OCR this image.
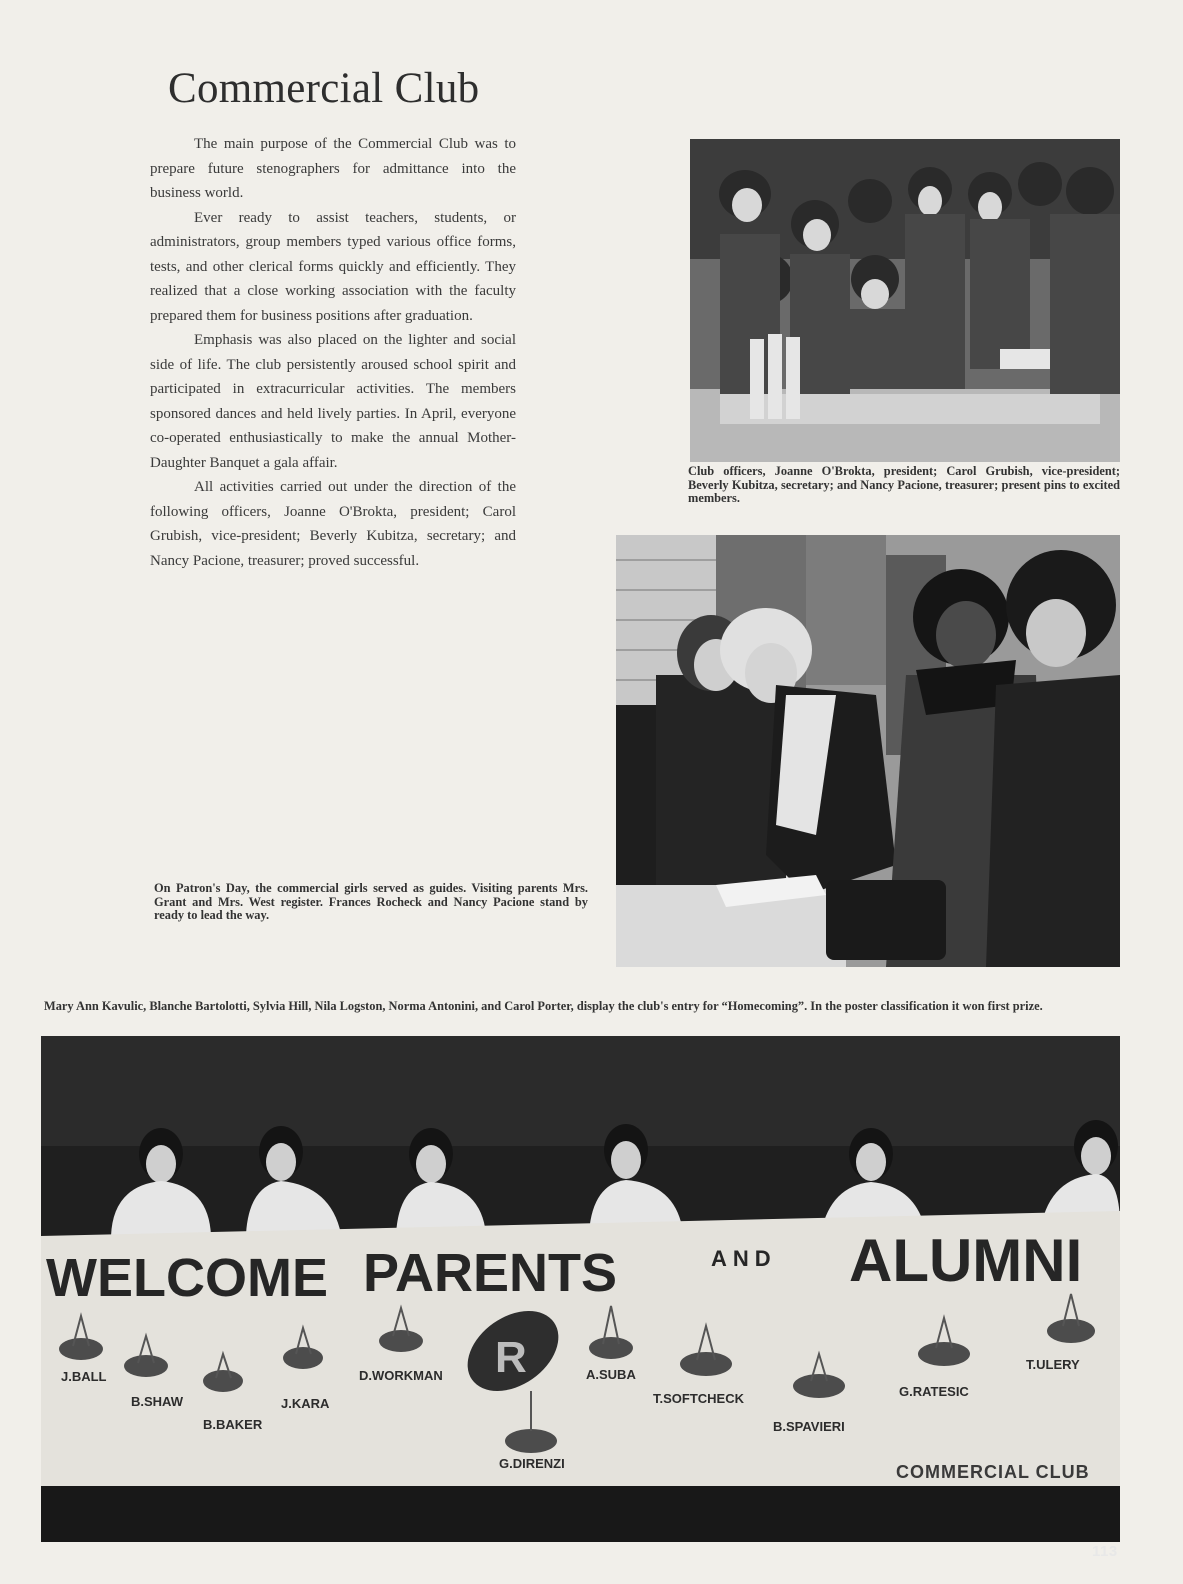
Commercial Club

The main purpose of the Commercial Club was to prepare future stenographers for admittance into the business world.

Ever ready to assist teachers, students, or administrators, group members typed various office forms, tests, and other clerical forms quickly and efficiently. They realized that a close working association with the faculty prepared them for business positions after graduation.

Emphasis was also placed on the lighter and social side of life. The club persistently aroused school spirit and participated in extracurricular activities. The members sponsored dances and held lively parties. In April, everyone co-operated enthusiastically to make the annual Mother-Daughter Banquet a gala affair.

All activities carried out under the direction of the following officers, Joanne O'Brokta, president; Carol Grubish, vice-president; Beverly Kubitza, secretary; and Nancy Pacione, treasurer; proved successful.

Club officers, Joanne O'Brokta, president; Carol Grubish, vice-president; Beverly Kubitza, secretary; and Nancy Pacione, treasurer; present pins to excited members.

On Patron's Day, the commercial girls served as guides. Visiting parents Mrs. Grant and Mrs. West register. Frances Rocheck and Nancy Pacione stand by ready to lead the way.

Mary Ann Kavulic, Blanche Bartolotti, Sylvia Hill, Nila Logston, Norma Antonini, and Carol Porter, display the club's entry for “Homecoming”. In the poster classification it won first prize.

WELCOME PARENTS	AND ALUMNI
R
J.BALL
B.SHAW
B.BAKER
J.KARA
D.WORKMAN
G.DIRENZI
A.SUBA
T.SOFTCHECK
B.SPAVIERI
G.RATESIC
T.ULERY
COMMERCIAL CLUB
113
